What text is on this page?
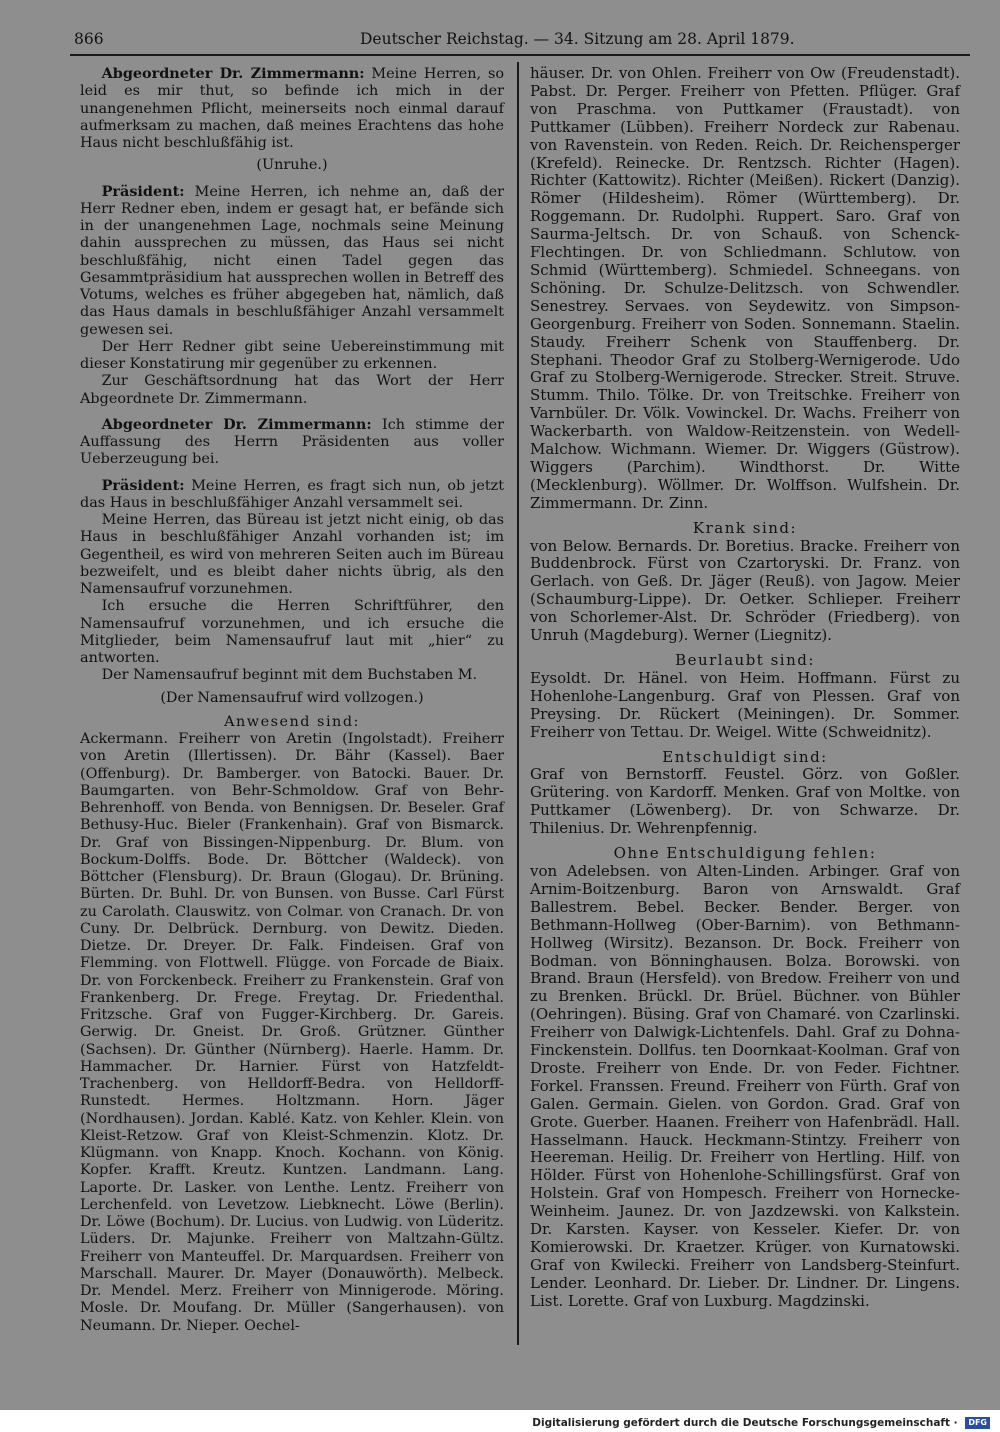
866	Deutscher Reichstag. — 34. Sitzung am 28. April 1879.

Abgeordneter Dr. Zimmermann: Meine Herren, so leid es mir thut, so befinde ich mich in der unangenehmen Pflicht, meinerseits noch einmal darauf aufmerksam zu machen, daß meines Erachtens das hohe Haus nicht beschlußfähig ist.

(Unruhe.)

Präsident: Meine Herren, ich nehme an, daß der Herr Redner eben, indem er gesagt hat, er befände sich in der unangenehmen Lage, nochmals seine Meinung dahin aussprechen zu müssen, das Haus sei nicht beschlußfähig, nicht einen Tadel gegen das Gesammtpräsidium hat aussprechen wollen in Betreff des Votums, welches es früher abgegeben hat, nämlich, daß das Haus damals in beschlußfähiger Anzahl versammelt gewesen sei.

Der Herr Redner gibt seine Uebereinstimmung mit dieser Konstatirung mir gegenüber zu erkennen.

Zur Geschäftsordnung hat das Wort der Herr Abgeordnete Dr. Zimmermann.

Abgeordneter Dr. Zimmermann: Ich stimme der Auffassung des Herrn Präsidenten aus voller Ueberzeugung bei.

Präsident: Meine Herren, es fragt sich nun, ob jetzt das Haus in beschlußfähiger Anzahl versammelt sei.

Meine Herren, das Büreau ist jetzt nicht einig, ob das Haus in beschlußfähiger Anzahl vorhanden ist; im Gegentheil, es wird von mehreren Seiten auch im Büreau bezweifelt, und es bleibt daher nichts übrig, als den Namensaufruf vorzunehmen.

Ich ersuche die Herren Schriftführer, den Namensaufruf vorzunehmen, und ich ersuche die Mitglieder, beim Namensaufruf laut mit „hier“ zu antworten.

Der Namensaufruf beginnt mit dem Buchstaben M.

(Der Namensaufruf wird vollzogen.)

Anwesend sind:

Ackermann. Freiherr von Aretin (Ingolstadt). Freiherr von Aretin (Illertissen). Dr. Bähr (Kassel). Baer (Offenburg). Dr. Bamberger. von Batocki. Bauer. Dr. Baumgarten. von Behr-Schmoldow. Graf von Behr-Behrenhoff. von Benda. von Bennigsen. Dr. Beseler. Graf Bethusy-Huc. Bieler (Frankenhain). Graf von Bismarck. Dr. Graf von Bissingen-Nippenburg. Dr. Blum. von Bockum-Dolffs. Bode. Dr. Böttcher (Waldeck). von Böttcher (Flensburg). Dr. Braun (Glogau). Dr. Brüning. Bürten. Dr. Buhl. Dr. von Bunsen. von Busse. Carl Fürst zu Carolath. Clauswitz. von Colmar. von Cranach. Dr. von Cuny. Dr. Delbrück. Dernburg. von Dewitz. Dieden. Dietze. Dr. Dreyer. Dr. Falk. Findeisen. Graf von Flemming. von Flottwell. Flügge. von Forcade de Biaix. Dr. von Forckenbeck. Freiherr zu Frankenstein. Graf von Frankenberg. Dr. Frege. Freytag. Dr. Friedenthal. Fritzsche. Graf von Fugger-Kirchberg. Dr. Gareis. Gerwig. Dr. Gneist. Dr. Groß. Grützner. Günther (Sachsen). Dr. Günther (Nürnberg). Haerle. Hamm. Dr. Hammacher. Dr. Harnier. Fürst von Hatzfeldt-Trachenberg. von Helldorff-Bedra. von Helldorff-Runstedt. Hermes. Holtzmann. Horn. Jäger (Nordhausen). Jordan. Kablé. Katz. von Kehler. Klein. von Kleist-Retzow. Graf von Kleist-Schmenzin. Klotz. Dr. Klügmann. von Knapp. Knoch. Kochann. von König. Kopfer. Krafft. Kreutz. Kuntzen. Landmann. Lang. Laporte. Dr. Lasker. von Lenthe. Lentz. Freiherr von Lerchenfeld. von Levetzow. Liebknecht. Löwe (Berlin). Dr. Löwe (Bochum). Dr. Lucius. von Ludwig. von Lüderitz. Lüders. Dr. Majunke. Freiherr von Maltzahn-Gültz. Freiherr von Manteuffel. Dr. Marquardsen. Freiherr von Marschall. Maurer. Dr. Mayer (Donauwörth). Melbeck. Dr. Mendel. Merz. Freiherr von Minnigerode. Möring. Mosle. Dr. Moufang. Dr. Müller (Sangerhausen). von Neumann. Dr. Nieper. Oechel-

häuser. Dr. von Ohlen. Freiherr von Ow (Freudenstadt). Pabst. Dr. Perger. Freiherr von Pfetten. Pflüger. Graf von Praschma. von Puttkamer (Fraustadt). von Puttkamer (Lübben). Freiherr Nordeck zur Rabenau. von Ravenstein. von Reden. Reich. Dr. Reichensperger (Krefeld). Reinecke. Dr. Rentzsch. Richter (Hagen). Richter (Kattowitz). Richter (Meißen). Rickert (Danzig). Römer (Hildesheim). Römer (Württemberg). Dr. Roggemann. Dr. Rudolphi. Ruppert. Saro. Graf von Saurma-Jeltsch. Dr. von Schauß. von Schenck-Flechtingen. Dr. von Schliedmann. Schlutow. von Schmid (Württemberg). Schmiedel. Schneegans. von Schöning. Dr. Schulze-Delitzsch. von Schwendler. Senestrey. Servaes. von Seydewitz. von Simpson-Georgenburg. Freiherr von Soden. Sonnemann. Staelin. Staudy. Freiherr Schenk von Stauffenberg. Dr. Stephani. Theodor Graf zu Stolberg-Wernigerode. Udo Graf zu Stolberg-Wernigerode. Strecker. Streit. Struve. Stumm. Thilo. Tölke. Dr. von Treitschke. Freiherr von Varnbüler. Dr. Völk. Vowinckel. Dr. Wachs. Freiherr von Wackerbarth. von Waldow-Reitzenstein. von Wedell-Malchow. Wichmann. Wiemer. Dr. Wiggers (Güstrow). Wiggers (Parchim). Windthorst. Dr. Witte (Mecklenburg). Wöllmer. Dr. Wolffson. Wulfshein. Dr. Zimmermann. Dr. Zinn.

Krank sind:

von Below. Bernards. Dr. Boretius. Bracke. Freiherr von Buddenbrock. Fürst von Czartoryski. Dr. Franz. von Gerlach. von Geß. Dr. Jäger (Reuß). von Jagow. Meier (Schaumburg-Lippe). Dr. Oetker. Schlieper. Freiherr von Schorlemer-Alst. Dr. Schröder (Friedberg). von Unruh (Magdeburg). Werner (Liegnitz).

Beurlaubt sind:

Eysoldt. Dr. Hänel. von Heim. Hoffmann. Fürst zu Hohenlohe-Langenburg. Graf von Plessen. Graf von Preysing. Dr. Rückert (Meiningen). Dr. Sommer. Freiherr von Tettau. Dr. Weigel. Witte (Schweidnitz).

Entschuldigt sind:

Graf von Bernstorff. Feustel. Görz. von Goßler. Grütering. von Kardorff. Menken. Graf von Moltke. von Puttkamer (Löwenberg). Dr. von Schwarze. Dr. Thilenius. Dr. Wehrenpfennig.

Ohne Entschuldigung fehlen:

von Adelebsen. von Alten-Linden. Arbinger. Graf von Arnim-Boitzenburg. Baron von Arnswaldt. Graf Ballestrem. Bebel. Becker. Bender. Berger. von Bethmann-Hollweg (Ober-Barnim). von Bethmann-Hollweg (Wirsitz). Bezanson. Dr. Bock. Freiherr von Bodman. von Bönninghausen. Bolza. Borowski. von Brand. Braun (Hersfeld). von Bredow. Freiherr von und zu Brenken. Brückl. Dr. Brüel. Büchner. von Bühler (Oehringen). Büsing. Graf von Chamaré. von Czarlinski. Freiherr von Dalwigk-Lichtenfels. Dahl. Graf zu Dohna-Finckenstein. Dollfus. ten Doornkaat-Koolman. Graf von Droste. Freiherr von Ende. Dr. von Feder. Fichtner. Forkel. Franssen. Freund. Freiherr von Fürth. Graf von Galen. Germain. Gielen. von Gordon. Grad. Graf von Grote. Guerber. Haanen. Freiherr von Hafenbrädl. Hall. Hasselmann. Hauck. Heckmann-Stintzy. Freiherr von Heereman. Heilig. Dr. Freiherr von Hertling. Hilf. von Hölder. Fürst von Hohenlohe-Schillingsfürst. Graf von Holstein. Graf von Hompesch. Freiherr von Hornecke-Weinheim. Jaunez. Dr. von Jazdzewski. von Kalkstein. Dr. Karsten. Kayser. von Kesseler. Kiefer. Dr. von Komierowski. Dr. Kraetzer. Krüger. von Kurnatowski. Graf von Kwilecki. Freiherr von Landsberg-Steinfurt. Lender. Leonhard. Dr. Lieber. Dr. Lindner. Dr. Lingens. List. Lorette. Graf von Luxburg. Magdzinski.

Digitalisierung gefördert durch die Deutsche Forschungsgemeinschaft · DFG
